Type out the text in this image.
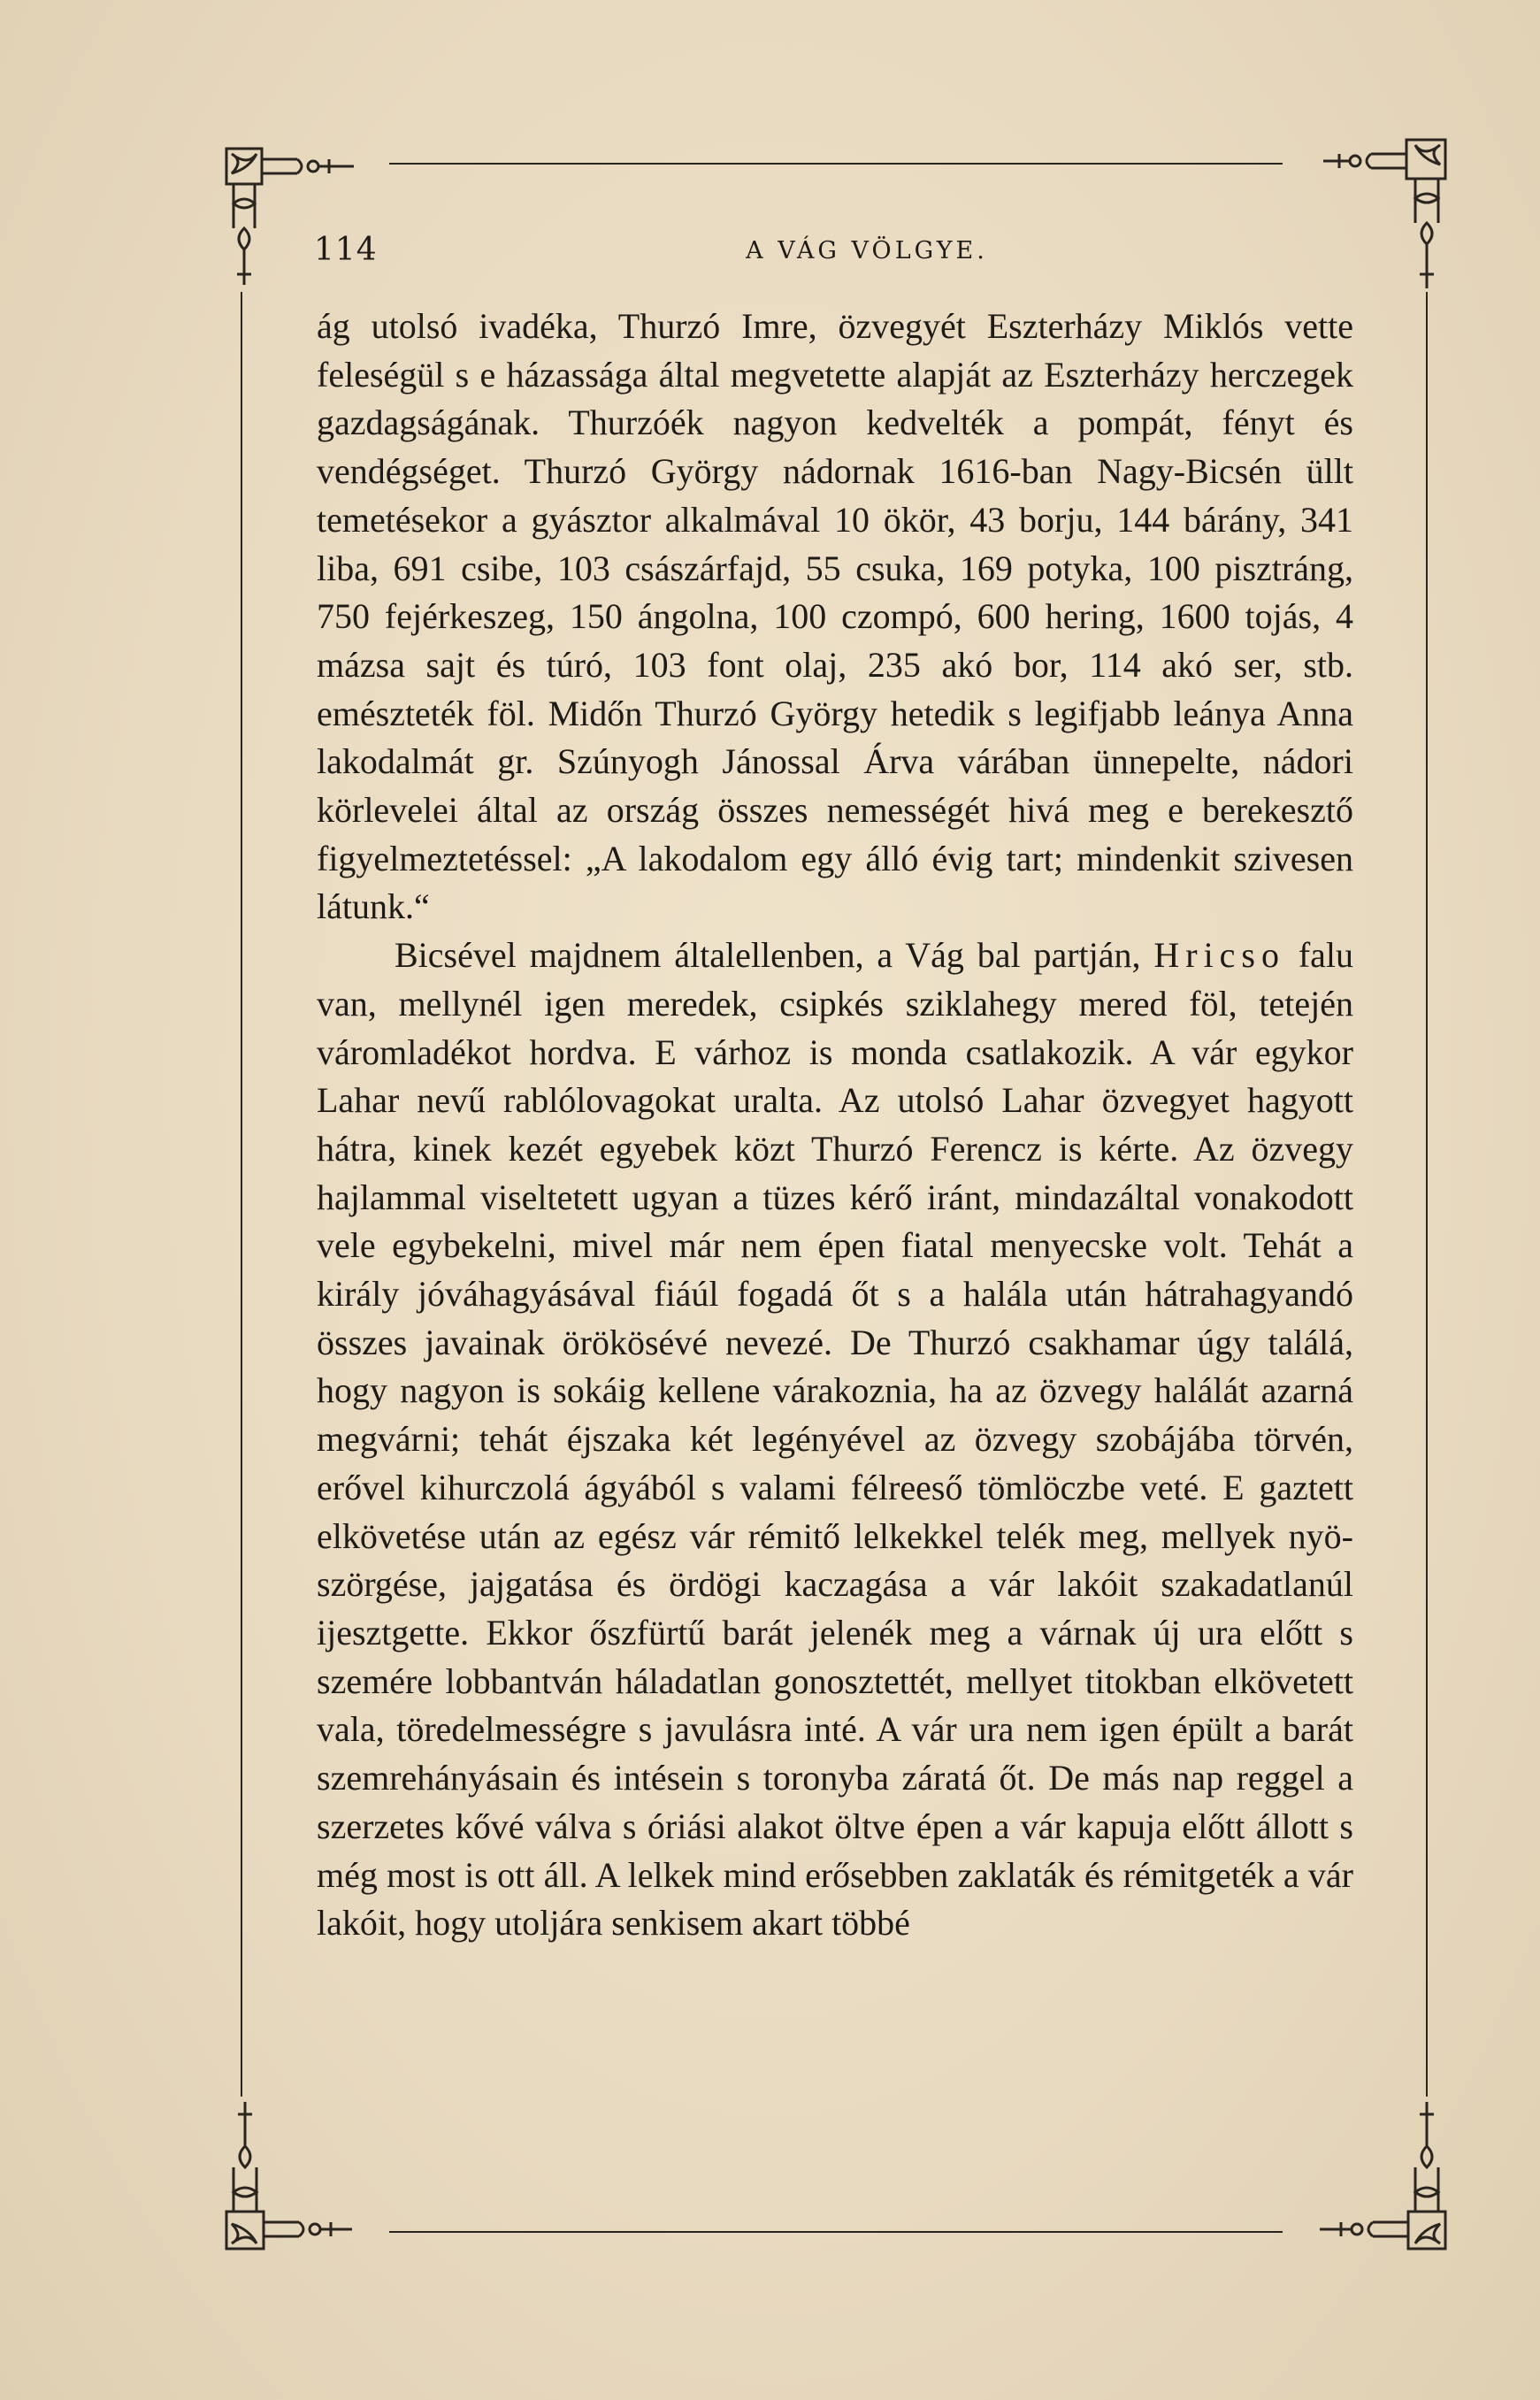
114	A VÁG VÖLGYE.

ág utolsó ivadéka, Thurzó Imre, özvegyét Eszterházy Miklós vette feleségül s e házassága által megvetette alapját az Eszterházy herczegek gazdagságának. Thurzóék nagyon kedvelték a pompát, fényt és vendégséget. Thurzó György nádornak 1616-ban Nagy-Bicsén üllt temetésekor a gyásztor alkalmával 10 ökör, 43 borju, 144 bárány, 341 liba, 691 csibe, 103 császárfajd, 55 csuka, 169 potyka, 100 pisztráng, 750 fejérkeszeg, 150 ángolna, 100 czompó, 600 hering, 1600 tojás, 4 mázsa sajt és túró, 103 font olaj, 235 akó bor, 114 akó ser, stb. emészteték föl. Midőn Thurzó György hetedik s legifjabb leánya Anna lakodalmát gr. Szúnyogh Jánossal Árva várában ünnepelte, nádori körlevelei által az ország összes nemességét hivá meg e berekesztő figyelmeztetéssel: „A lakodalom egy álló évig tart; mindenkit szivesen látunk.“

Bicsével majdnem általellenben, a Vág bal partján, Hricso falu van, mellynél igen meredek, csipkés sziklahegy mered föl, tetején váromladékot hordva. E várhoz is monda csatlakozik. A vár egykor Lahar nevű rablólovagokat uralta. Az utolsó Lahar özvegyet hagyott hátra, kinek kezét egyebek közt Thurzó Ferencz is kérte. Az özvegy hajlammal viseltetett ugyan a tüzes kérő iránt, mindazáltal vonakodott vele egybekelni, mivel már nem épen fiatal menyecske volt. Tehát a király jóváhagyásával fiáúl fogadá őt s a halála után hátrahagyandó összes javainak örökösévé nevezé. De Thurzó csakhamar úgy találá, hogy nagyon is sokáig kellene várakoznia, ha az özvegy halálát azarná megvárni; tehát éjszaka két legényével az özvegy szobájába törvén, erővel kihurczolá ágyából s valami félreeső tömlöczbe veté. E gaztett elkövetése után az egész vár rémitő lelkekkel telék meg, mellyek nyöszörgése, jajgatása és ördögi kaczagása a vár lakóit szakadatlanúl ijesztgette. Ekkor őszfürtű barát jelenék meg a várnak új ura előtt s szemére lobbantván háladatlan gonosztettét, mellyet titokban elkövetett vala, töredelmességre s javulásra inté. A vár ura nem igen épült a barát szemrehányásain és intésein s toronyba záratá őt. De más nap reggel a szerzetes kővé válva s óriási alakot öltve épen a vár kapuja előtt állott s még most is ott áll. A lelkek mind erősebben zaklaták és rémitgeték a vár lakóit, hogy utoljára senkisem akart többé
